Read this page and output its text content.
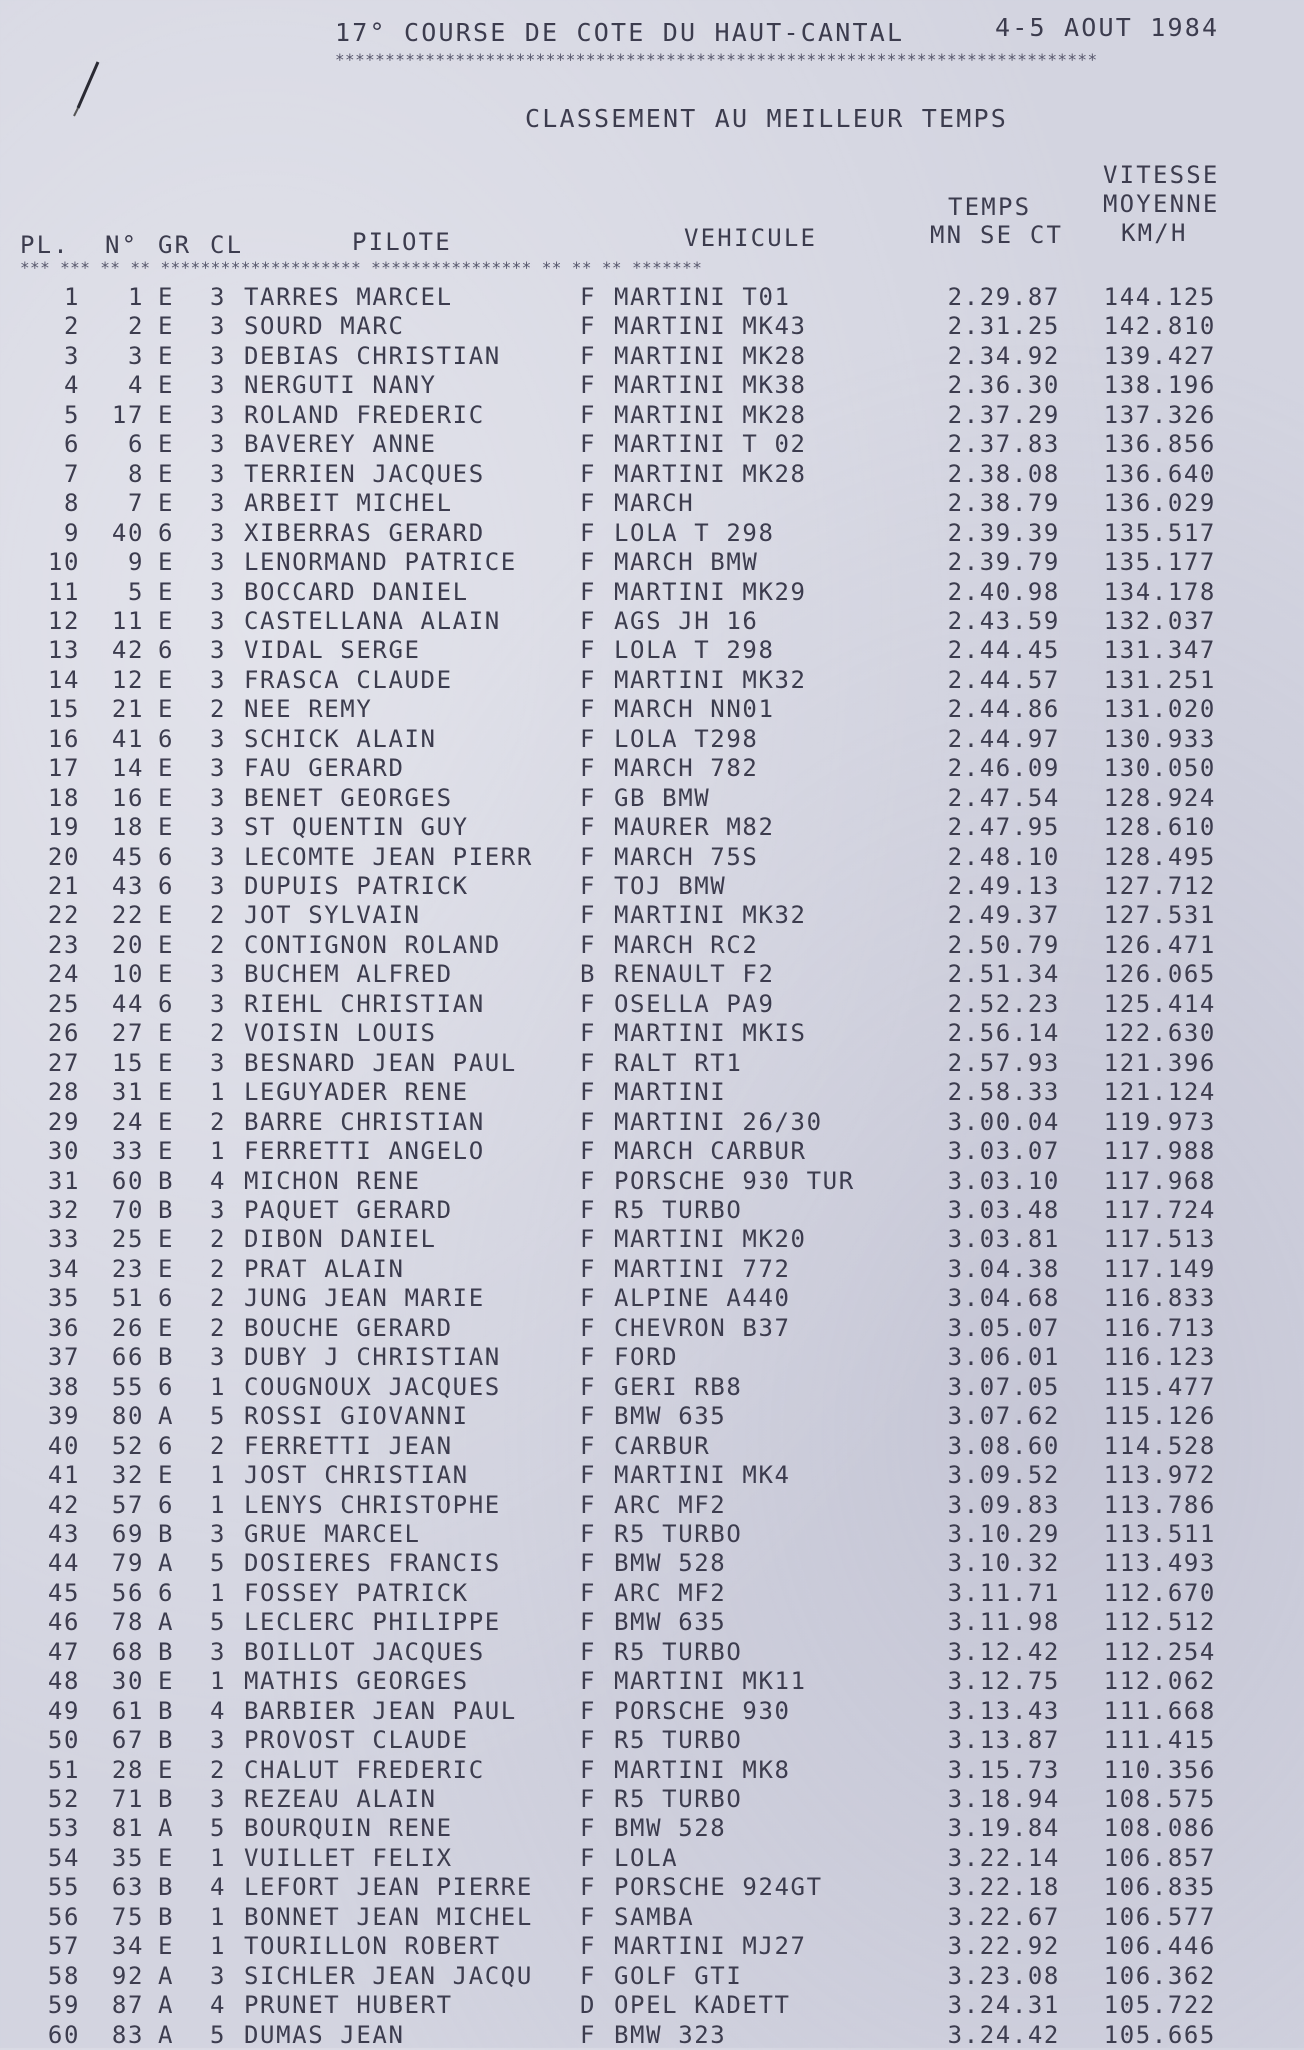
17° COURSE DE COTE DU HAUT-CANTAL	4-5 AOUT 1984
****************************************************************************
CLASSEMENT AU MEILLEUR TEMPS
VITESSE
TEMPS	MOYENNE
MN SE CT KM/H
PL. N° GR CL	PILOTE	VEHICULE
*** *** ** ** ******************** **************** ** ** ** *******
1	1 E	3 TARRES MARCEL	F MARTINI T01	2.29.87	144.125
2	2 E	3 SOURD MARC	F MARTINI MK43	2.31.25	142.810
3	3 E	3 DEBIAS CHRISTIAN	F MARTINI MK28	2.34.92	139.427
4	4 E	3 NERGUTI NANY	F MARTINI MK38	2.36.30	138.196
5	17 E	3 ROLAND FREDERIC	F MARTINI MK28	2.37.29	137.326
6	6 E	3 BAVEREY ANNE	F MARTINI T 02	2.37.83	136.856
7	8 E	3 TERRIEN JACQUES	F MARTINI MK28	2.38.08	136.640
8	7 E	3 ARBEIT MICHEL	F MARCH	2.38.79	136.029
9	40 6	3 XIBERRAS GERARD	F LOLA T 298	2.39.39	135.517
10	9 E	3 LENORMAND PATRICE	F MARCH BMW	2.39.79	135.177
11	5 E	3 BOCCARD DANIEL	F MARTINI MK29	2.40.98	134.178
12	11 E	3 CASTELLANA ALAIN	F AGS JH 16	2.43.59	132.037
13	42 6	3 VIDAL SERGE	F LOLA T 298	2.44.45	131.347
14	12 E	3 FRASCA CLAUDE	F MARTINI MK32	2.44.57	131.251
15	21 E	2 NEE REMY	F MARCH NN01	2.44.86	131.020
16	41 6	3 SCHICK ALAIN	F LOLA T298	2.44.97	130.933
17	14 E	3 FAU GERARD	F MARCH 782	2.46.09	130.050
18	16 E	3 BENET GEORGES	F GB BMW	2.47.54	128.924
19	18 E	3 ST QUENTIN GUY	F MAURER M82	2.47.95	128.610
20	45 6	3 LECOMTE JEAN PIERR	F MARCH 75S	2.48.10	128.495
21	43 6	3 DUPUIS PATRICK	F TOJ BMW	2.49.13	127.712
22	22 E	2 JOT SYLVAIN	F MARTINI MK32	2.49.37	127.531
23	20 E	2 CONTIGNON ROLAND	F MARCH RC2	2.50.79	126.471
24	10 E	3 BUCHEM ALFRED	B RENAULT F2	2.51.34	126.065
25	44 6	3 RIEHL CHRISTIAN	F OSELLA PA9	2.52.23	125.414
26	27 E	2 VOISIN LOUIS	F MARTINI MKIS	2.56.14	122.630
27	15 E	3 BESNARD JEAN PAUL	F RALT RT1	2.57.93	121.396
28	31 E	1 LEGUYADER RENE	F MARTINI	2.58.33	121.124
29	24 E	2 BARRE CHRISTIAN	F MARTINI 26/30	3.00.04	119.973
30	33 E	1 FERRETTI ANGELO	F MARCH CARBUR	3.03.07	117.988
31	60 B	4 MICHON RENE	F PORSCHE 930 TUR	3.03.10	117.968
32	70 B	3 PAQUET GERARD	F R5 TURBO	3.03.48	117.724
33	25 E	2 DIBON DANIEL	F MARTINI MK20	3.03.81	117.513
34	23 E	2 PRAT ALAIN	F MARTINI 772	3.04.38	117.149
35	51 6	2 JUNG JEAN MARIE	F ALPINE A440	3.04.68	116.833
36	26 E	2 BOUCHE GERARD	F CHEVRON B37	3.05.07	116.713
37	66 B	3 DUBY J CHRISTIAN	F FORD	3.06.01	116.123
38	55 6	1 COUGNOUX JACQUES	F GERI RB8	3.07.05	115.477
39	80 A	5 ROSSI GIOVANNI	F BMW 635	3.07.62	115.126
40	52 6	2 FERRETTI JEAN	F CARBUR	3.08.60	114.528
41	32 E	1 JOST CHRISTIAN	F MARTINI MK4	3.09.52	113.972
42	57 6	1 LENYS CHRISTOPHE	F ARC MF2	3.09.83	113.786
43	69 B	3 GRUE MARCEL	F R5 TURBO	3.10.29	113.511
44	79 A	5 DOSIERES FRANCIS	F BMW 528	3.10.32	113.493
45	56 6	1 FOSSEY PATRICK	F ARC MF2	3.11.71	112.670
46	78 A	5 LECLERC PHILIPPE	F BMW 635	3.11.98	112.512
47	68 B	3 BOILLOT JACQUES	F R5 TURBO	3.12.42	112.254
48	30 E	1 MATHIS GEORGES	F MARTINI MK11	3.12.75	112.062
49	61 B	4 BARBIER JEAN PAUL	F PORSCHE 930	3.13.43	111.668
50	67 B	3 PROVOST CLAUDE	F R5 TURBO	3.13.87	111.415
51	28 E	2 CHALUT FREDERIC	F MARTINI MK8	3.15.73	110.356
52	71 B	3 REZEAU ALAIN	F R5 TURBO	3.18.94	108.575
53	81 A	5 BOURQUIN RENE	F BMW 528	3.19.84	108.086
54	35 E	1 VUILLET FELIX	F LOLA	3.22.14	106.857
55	63 B	4 LEFORT JEAN PIERRE	F PORSCHE 924GT	3.22.18	106.835
56	75 B	1 BONNET JEAN MICHEL	F SAMBA	3.22.67	106.577
57	34 E	1 TOURILLON ROBERT	F MARTINI MJ27	3.22.92	106.446
58	92 A	3 SICHLER JEAN JACQU	F GOLF GTI	3.23.08	106.362
59	87 A	4 PRUNET HUBERT	D OPEL KADETT	3.24.31	105.722
60	83 A	5 DUMAS JEAN	F BMW 323	3.24.42	105.665
